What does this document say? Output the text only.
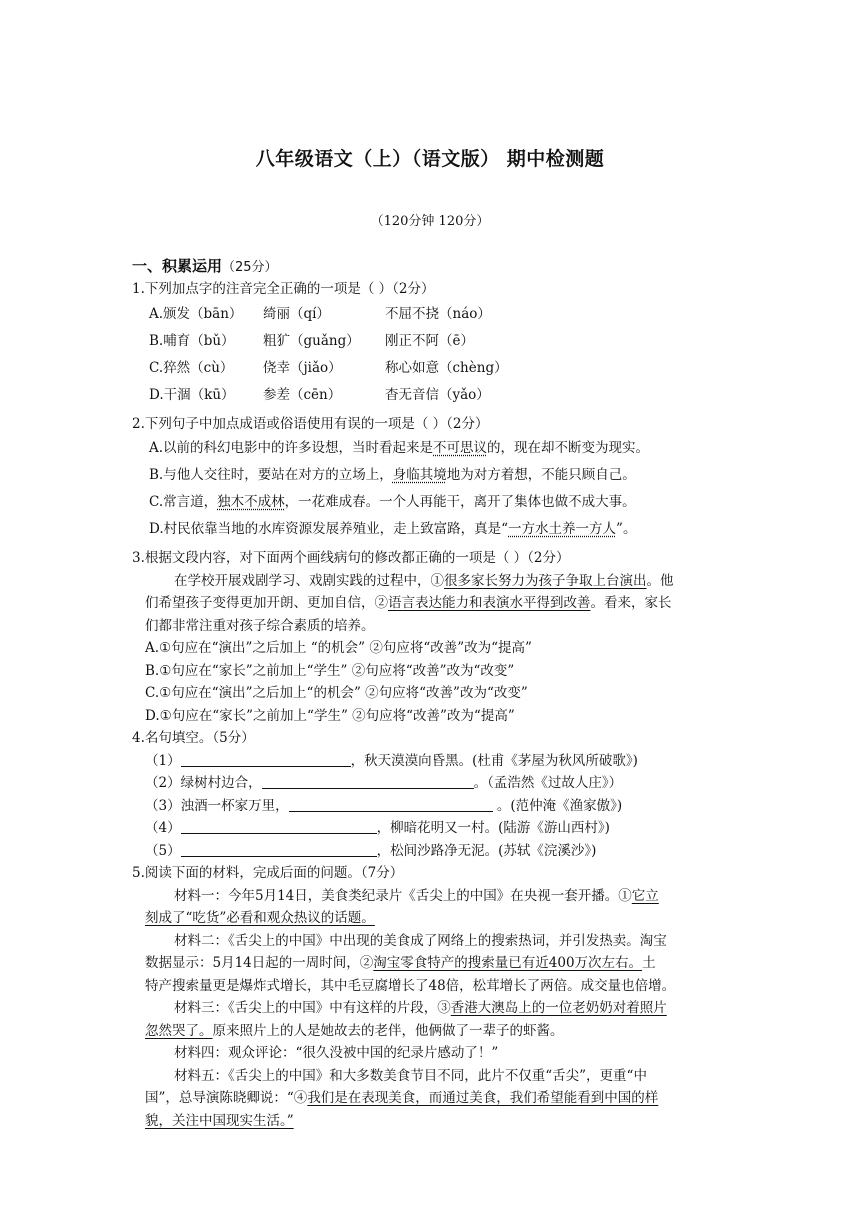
八年级语文（上）（语文版） 期中检测题
（120分钟 120分）
一、积累运用（25分）
1.下列加点字的注音完全正确的一项是（ ）（2分）
A.颁发（bān） 绮丽（qí）	不屈不挠（náo）
B.哺育（bǔ） 粗犷（guǎng） 刚正不阿（ē）
C.猝然（cù） 侥幸（jiǎo）	称心如意（chèng）
D.干涸（kū） 参差（cēn）	杳无音信（yǎo）
2.下列句子中加点成语或俗语使用有误的一项是（ ）（2分）
A.以前的科幻电影中的许多设想，当时看起来是不可思议的，现在却不断变为现实。
B.与他人交往时，要站在对方的立场上，身临其境地为对方着想，不能只顾自己。
C.常言道，独木不成林，一花难成春。一个人再能干，离开了集体也做不成大事。
D.村民依靠当地的水库资源发展养殖业，走上致富路，真是“一方水土养一方人”。
3.根据文段内容，对下面两个画线病句的修改都正确的一项是（ ）（2分）
在学校开展戏剧学习、戏剧实践的过程中，①很多家长努力为孩子争取上台演出。他
们希望孩子变得更加开朗、更加自信，②语言表达能力和表演水平得到改善。看来，家长
们都非常注重对孩子综合素质的培养。
A.①句应在“演出”之后加上 “的机会” ②句应将“改善”改为“提高”
B.①句应在“家长”之前加上“学生” ②句应将“改善”改为“改变”
C.①句应在“演出”之后加上“的机会” ②句应将“改善”改为“改变”
D.①句应在“家长”之前加上“学生” ②句应将“改善”改为“提高”
4.名句填空。（5分）
（1）	，秋天漠漠向昏黑。(杜甫《茅屋为秋风所破歌》)
（2）绿树村边合，	。（孟浩然《过故人庄》）
（3）浊酒一杯家万里，	。(范仲淹《渔家傲》)
（4）	，柳暗花明又一村。(陆游《游山西村》)
（5）	，松间沙路净无泥。(苏轼《浣溪沙》)
5.阅读下面的材料，完成后面的问题。（7分）
材料一：今年5月14日，美食类纪录片《舌尖上的中国》在央视一套开播。①它立
刻成了“吃货”必看和观众热议的话题。
材料二：《舌尖上的中国》中出现的美食成了网络上的搜索热词，并引发热卖。淘宝
数据显示：5月14日起的一周时间，②淘宝零食特产的搜索量已有近400万次左右。土
特产搜索量更是爆炸式增长，其中毛豆腐增长了48倍，松茸增长了两倍。成交量也倍增。
材料三：《舌尖上的中国》中有这样的片段，③香港大澳岛上的一位老奶奶对着照片
忽然哭了。原来照片上的人是她故去的老伴，他俩做了一辈子的虾酱。
材料四：观众评论：“很久没被中国的纪录片感动了！”
材料五：《舌尖上的中国》和大多数美食节目不同，此片不仅重“舌尖”，更重“中
国”，总导演陈晓卿说：“④我们是在表现美食，而通过美食，我们希望能看到中国的样
貌，关注中国现实生活。”
